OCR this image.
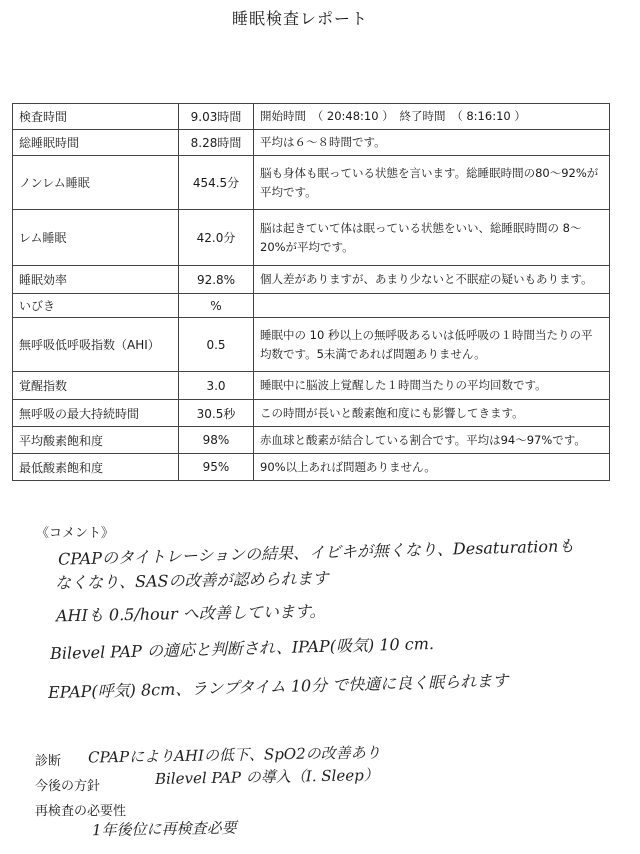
睡眠検査レポート
検査時間	9.03時間	開始時間　（ 20:48:10 ）　終了時間　（ 8:16:10 ）
総睡眠時間	8.28時間	平均は６～８時間です。
ノンレム睡眠	454.5分	脳も身体も眠っている状態を言います。総睡眠時間の80～92%が平均です。
レム睡眠	42.0分	脳は起きていて体は眠っている状態をいい、総睡眠時間の 8～20%が平均です。
睡眠効率	92.8%	個人差がありますが、あまり少ないと不眠症の疑いもあります。
いびき	%	
無呼吸低呼吸指数（AHI）	0.5	睡眠中の 10 秒以上の無呼吸あるいは低呼吸の１時間当たりの平均数です。5未満であれば問題ありません。
覚醒指数	3.0	睡眠中に脳波上覚醒した１時間当たりの平均回数です。
無呼吸の最大持続時間	30.5秒	この時間が長いと酸素飽和度にも影響してきます。
平均酸素飽和度	98%	赤血球と酸素が結合している割合です。平均は94～97%です。
最低酸素飽和度	95%	90%以上あれば問題ありません。
《コメント》
CPAPのタイトレーションの結果、イビキが無くなり、Desaturationも
なくなり、SASの改善が認められます
AHIも 0.5/hour へ改善しています。
Bilevel PAP の適応と判断され、IPAP(吸気) 10 cm.
EPAP(呼気) 8cm、ランプタイム 10分 で快適に良く眠られます
診断 CPAPによりAHIの低下、SpO2の改善あり
今後の方針	Bilevel PAP の導入（I. Sleep）
再検査の必要性
1年後位に再検査必要
